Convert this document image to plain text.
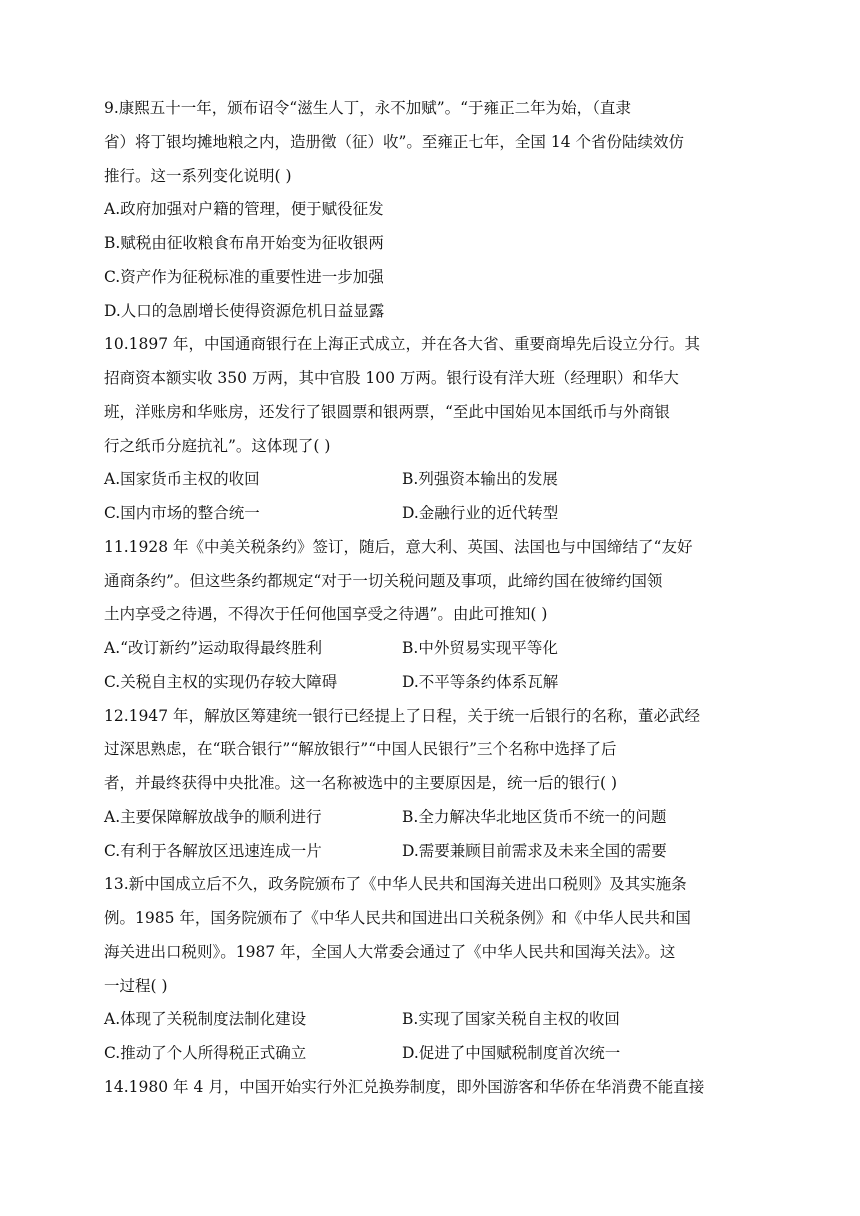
9.康熙五十一年，颁布诏令“滋生人丁，永不加赋”。“于雍正二年为始，（直隶
省）将丁银均摊地粮之内，造册徵（征）收”。至雍正七年，全国 14 个省份陆续效仿
推行。这一系列变化说明( )
A.政府加强对户籍的管理，便于赋役征发
B.赋税由征收粮食布帛开始变为征收银两
C.资产作为征税标准的重要性进一步加强
D.人口的急剧增长使得资源危机日益显露
10.1897 年，中国通商银行在上海正式成立，并在各大省、重要商埠先后设立分行。其
招商资本额实收 350 万两，其中官股 100 万两。银行设有洋大班（经理职）和华大
班，洋账房和华账房，还发行了银圆票和银两票，“至此中国始见本国纸币与外商银
行之纸币分庭抗礼”。这体现了( )
A.国家货币主权的收回	B.列强资本输出的发展
C.国内市场的整合统一	D.金融行业的近代转型
11.1928 年《中美关税条约》签订，随后，意大利、英国、法国也与中国缔结了“友好
通商条约”。但这些条约都规定“对于一切关税问题及事项，此缔约国在彼缔约国领
土内享受之待遇，不得次于任何他国享受之待遇”。由此可推知( )
A.“改订新约”运动取得最终胜利	B.中外贸易实现平等化
C.关税自主权的实现仍存较大障碍	D.不平等条约体系瓦解
12.1947 年，解放区筹建统一银行已经提上了日程，关于统一后银行的名称，董必武经
过深思熟虑，在“联合银行”“解放银行”“中国人民银行”三个名称中选择了后
者，并最终获得中央批准。这一名称被选中的主要原因是，统一后的银行( )
A.主要保障解放战争的顺利进行	B.全力解决华北地区货币不统一的问题
C.有利于各解放区迅速连成一片	D.需要兼顾目前需求及未来全国的需要
13.新中国成立后不久，政务院颁布了《中华人民共和国海关进出口税则》及其实施条
例。1985 年，国务院颁布了《中华人民共和国进出口关税条例》和《中华人民共和国
海关进出口税则》。1987 年，全国人大常委会通过了《中华人民共和国海关法》。这
一过程( )
A.体现了关税制度法制化建设	B.实现了国家关税自主权的收回
C.推动了个人所得税正式确立	D.促进了中国赋税制度首次统一
14.1980 年 4 月，中国开始实行外汇兑换券制度，即外国游客和华侨在华消费不能直接
